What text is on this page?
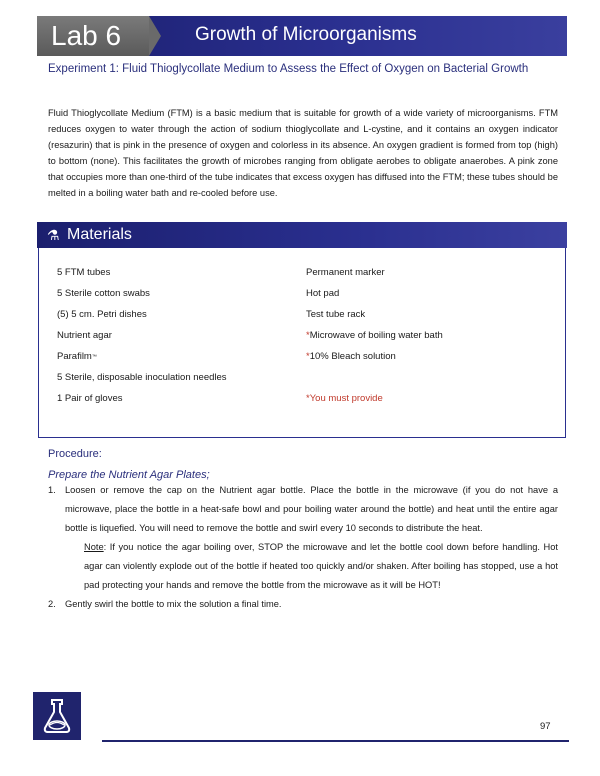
Lab 6	Growth of Microorganisms
Experiment 1: Fluid Thioglycollate Medium to Assess the Effect of Oxygen on Bacterial Growth
Fluid Thioglycollate Medium (FTM) is a basic medium that is suitable for growth of a wide variety of microorganisms. FTM reduces oxygen to water through the action of sodium thioglycollate and L-cystine, and it contains an oxygen indicator (resazurin) that is pink in the presence of oxygen and colorless in its absence. An oxygen gradient is formed from top (high) to bottom (none). This facilitates the growth of microbes ranging from obligate aerobes to obligate anaerobes. A pink zone that occupies more than one-third of the tube indicates that excess oxygen has diffused into the FTM; these tubes should be melted in a boiling water bath and re-cooled before use.
⚗ Materials
5 FTM tubes
5 Sterile cotton swabs
(5) 5 cm. Petri dishes
Nutrient agar
Parafilm™
5 Sterile, disposable inoculation needles
1 Pair of gloves
Permanent marker
Hot pad
Test tube rack
*Microwave of boiling water bath
*10% Bleach solution
*You must provide
Procedure:
Prepare the Nutrient Agar Plates;
1. Loosen or remove the cap on the Nutrient agar bottle. Place the bottle in the microwave (if you do not have a microwave, place the bottle in a heat-safe bowl and pour boiling water around the bottle) and heat until the entire agar bottle is liquefied. You will need to remove the bottle and swirl every 10 seconds to distribute the heat.
Note: If you notice the agar boiling over, STOP the microwave and let the bottle cool down before handling. Hot agar can violently explode out of the bottle if heated too quickly and/or shaken. After boiling has stopped, use a hot pad protecting your hands and remove the bottle from the microwave as it will be HOT!
2. Gently swirl the bottle to mix the solution a final time.
97
